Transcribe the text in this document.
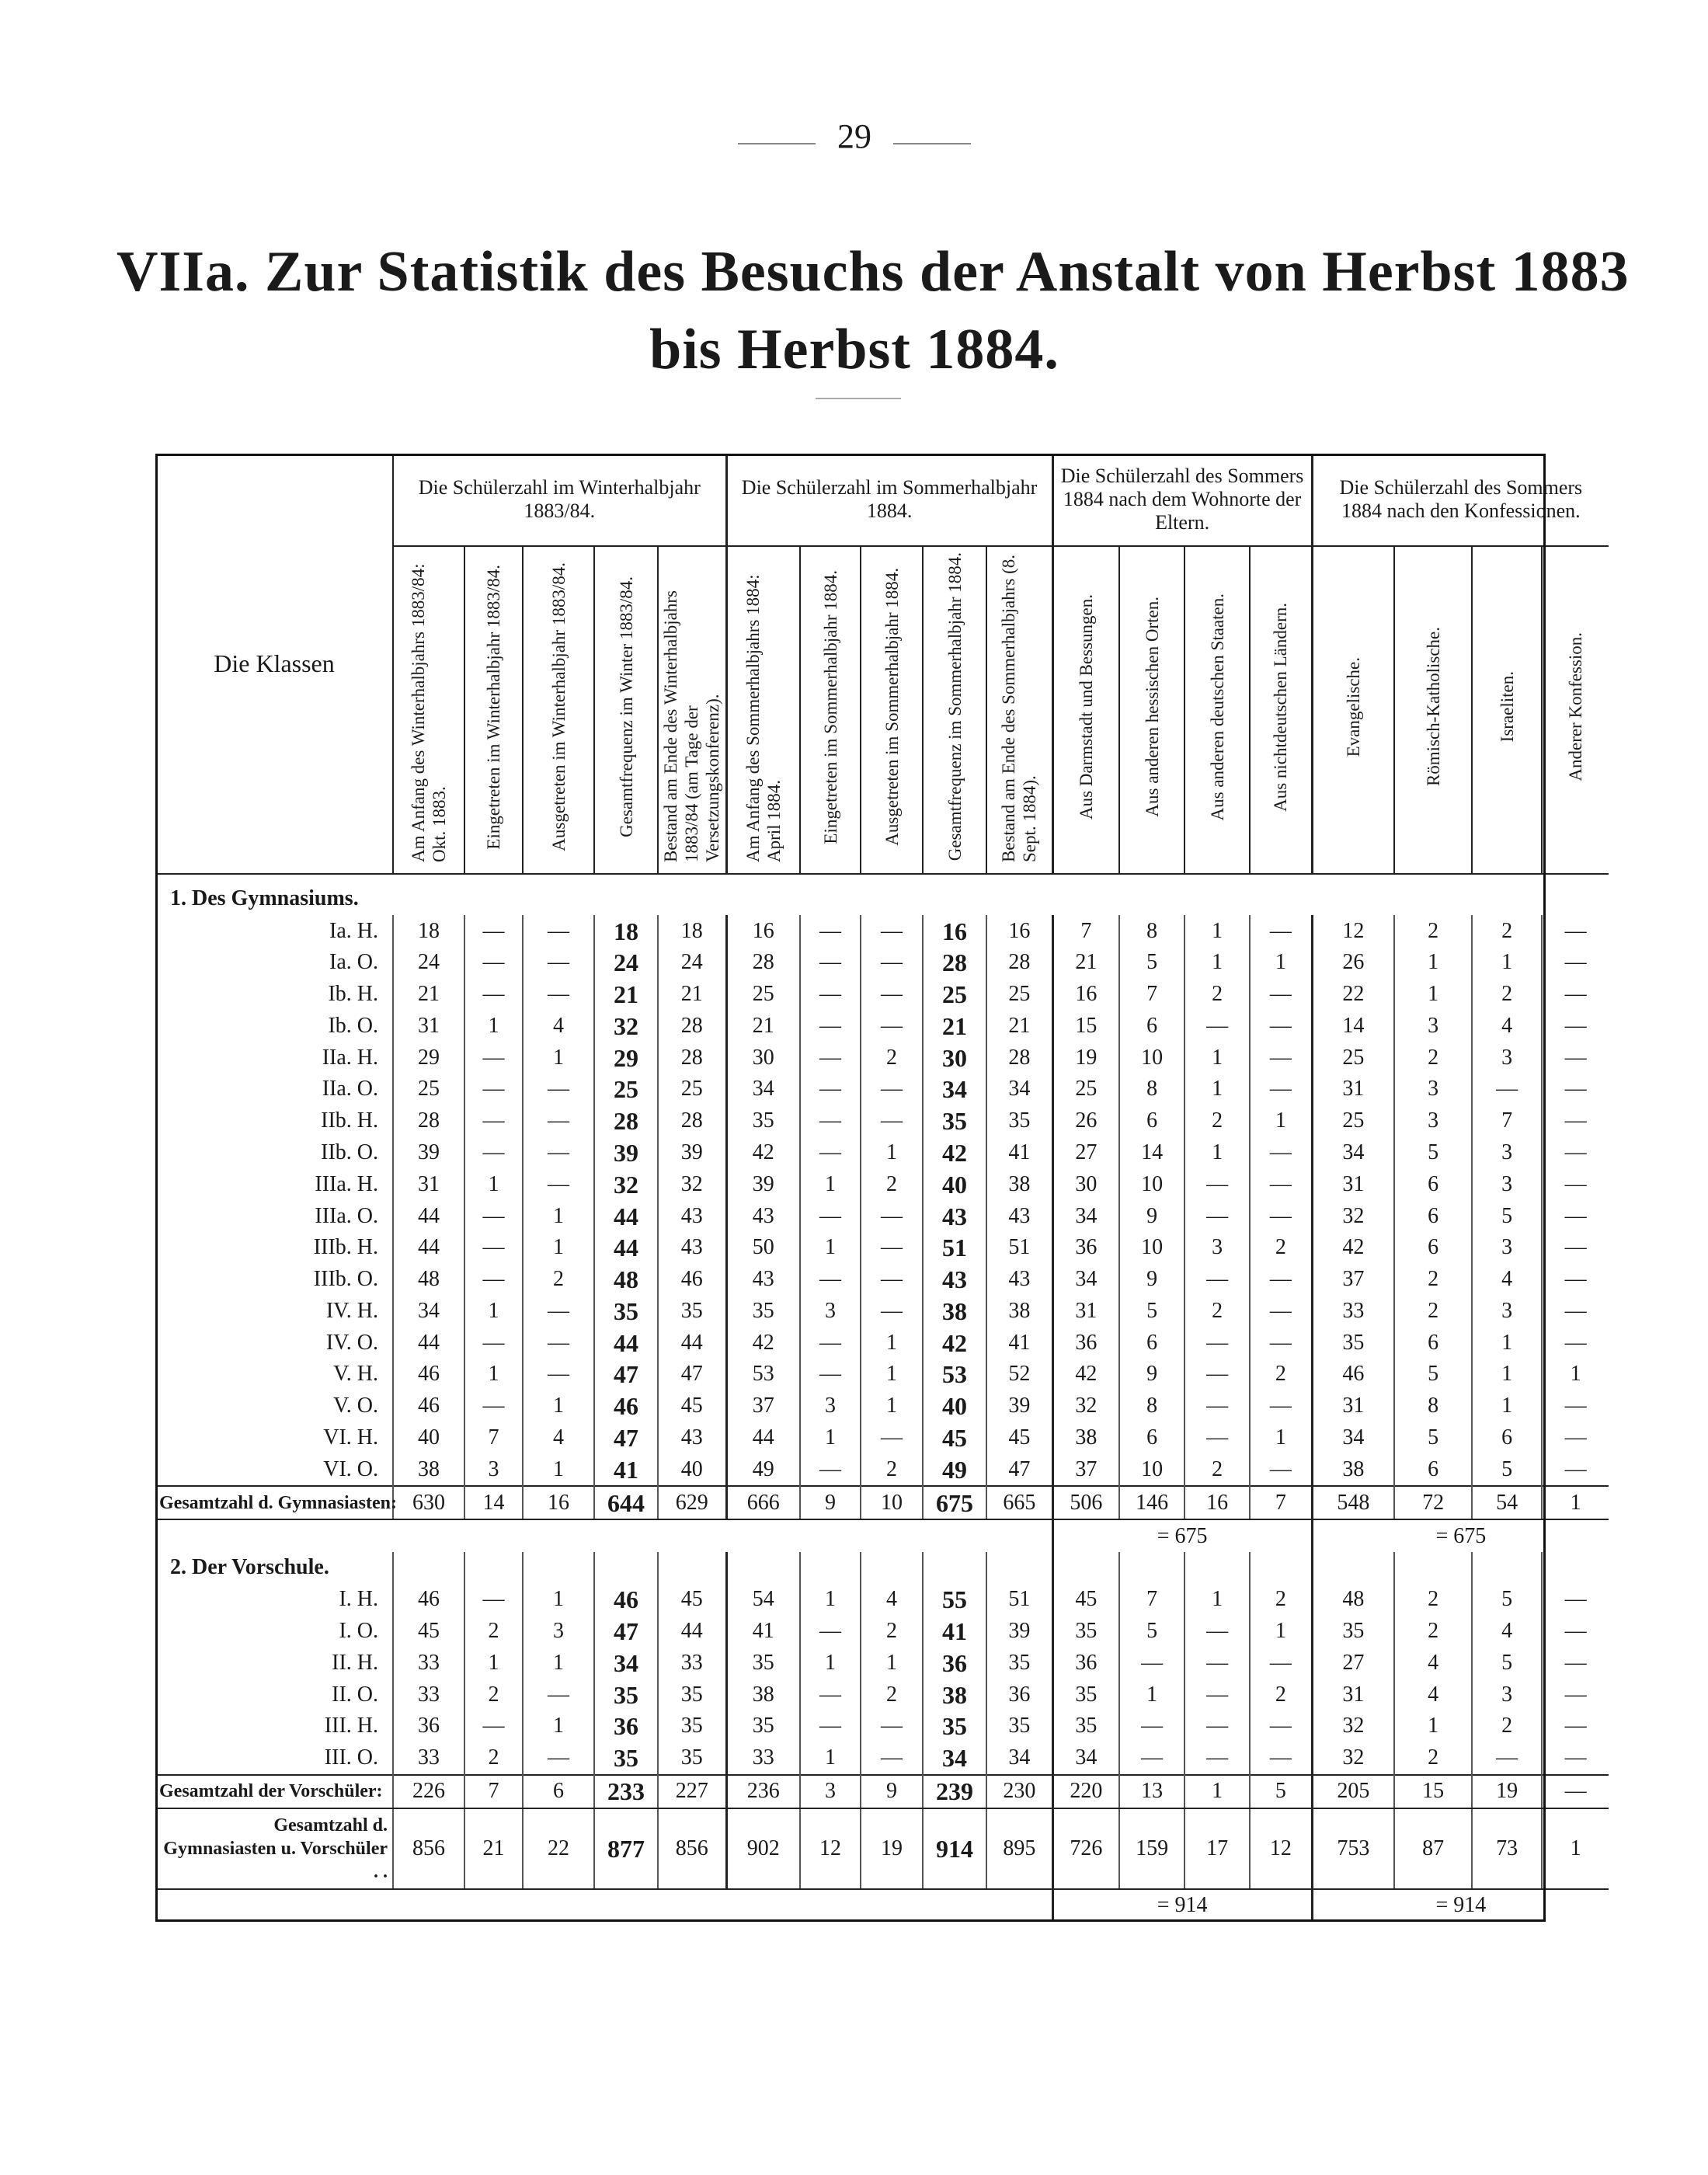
29
VIIa. Zur Statistik des Besuchs der Anstalt von Herbst 1883
bis Herbst 1884.
Die Klassen	Die Schülerzahl im Winterhalbjahr 1883/84.					Die Schülerzahl im Sommerhalbjahr 1884.					Die Schülerzahl des Sommers 1884 nach dem Wohnorte der Eltern.				Die Schülerzahl des Sommers 1884 nach den Konfessionen.			
	Am Anfang des Winterhalbjahrs 1883/84: Okt. 1883.	Eingetreten im Winterhalbjahr 1883/84.	Ausgetreten im Winterhalbjahr 1883/84.	Gesamtfrequenz im Winter 1883/84.	Bestand am Ende des Winterhalbjahrs 1883/84 (am Tage der Versetzungskonferenz).	Am Anfang des Sommerhalbjahrs 1884: April 1884.	Eingetreten im Sommerhalbjahr 1884.	Ausgetreten im Sommerhalbjahr 1884.	Gesamtfrequenz im Sommerhalbjahr 1884.	Bestand am Ende des Sommerhalbjahrs (8. Sept. 1884).	Aus Darmstadt und Bessungen.	Aus anderen hessischen Orten.	Aus anderen deutschen Staaten.	Aus nichtdeutschen Ländern.	Evangelische.	Römisch-Katholische.	Israeliten.	Anderer Konfession.
1. Des Gymnasiums.																		
Ia. H.	18	—	—	18	18	16	—	—	16	16	7	8	1	—	12	2	2	—
Ia. O.	24	—	—	24	24	28	—	—	28	28	21	5	1	1	26	1	1	—
Ib. H.	21	—	—	21	21	25	—	—	25	25	16	7	2	—	22	1	2	—
Ib. O.	31	1	4	32	28	21	—	—	21	21	15	6	—	—	14	3	4	—
IIa. H.	29	—	1	29	28	30	—	2	30	28	19	10	1	—	25	2	3	—
IIa. O.	25	—	—	25	25	34	—	—	34	34	25	8	1	—	31	3	—	—
IIb. H.	28	—	—	28	28	35	—	—	35	35	26	6	2	1	25	3	7	—
IIb. O.	39	—	—	39	39	42	—	1	42	41	27	14	1	—	34	5	3	—
IIIa. H.	31	1	—	32	32	39	1	2	40	38	30	10	—	—	31	6	3	—
IIIa. O.	44	—	1	44	43	43	—	—	43	43	34	9	—	—	32	6	5	—
IIIb. H.	44	—	1	44	43	50	1	—	51	51	36	10	3	2	42	6	3	—
IIIb. O.	48	—	2	48	46	43	—	—	43	43	34	9	—	—	37	2	4	—
IV. H.	34	1	—	35	35	35	3	—	38	38	31	5	2	—	33	2	3	—
IV. O.	44	—	—	44	44	42	—	1	42	41	36	6	—	—	35	6	1	—
V. H.	46	1	—	47	47	53	—	1	53	52	42	9	—	2	46	5	1	1
V. O.	46	—	1	46	45	37	3	1	40	39	32	8	—	—	31	8	1	—
VI. H.	40	7	4	47	43	44	1	—	45	45	38	6	—	1	34	5	6	—
VI. O.	38	3	1	41	40	49	—	2	49	47	37	10	2	—	38	6	5	—
Gesamtzahl d. Gymnasiasten:	630	14	16	644	629	666	9	10	675	665	506	146	16	7	548	72	54	1
											= 675				= 675			
2. Der Vorschule.																		
I. H.	46	—	1	46	45	54	1	4	55	51	45	7	1	2	48	2	5	—
I. O.	45	2	3	47	44	41	—	2	41	39	35	5	—	1	35	2	4	—
II. H.	33	1	1	34	33	35	1	1	36	35	36	—	—	—	27	4	5	—
II. O.	33	2	—	35	35	38	—	2	38	36	35	1	—	2	31	4	3	—
III. H.	36	—	1	36	35	35	—	—	35	35	35	—	—	—	32	1	2	—
III. O.	33	2	—	35	35	33	1	—	34	34	34	—	—	—	32	2	—	—
Gesamtzahl der Vorschüler:	226	7	6	233	227	236	3	9	239	230	220	13	1	5	205	15	19	—
Gesamtzahl d. Gymnasiasten u. Vorschüler . .	856	21	22	877	856	902	12	19	914	895	726	159	17	12	753	87	73	1
											= 914				= 914			
